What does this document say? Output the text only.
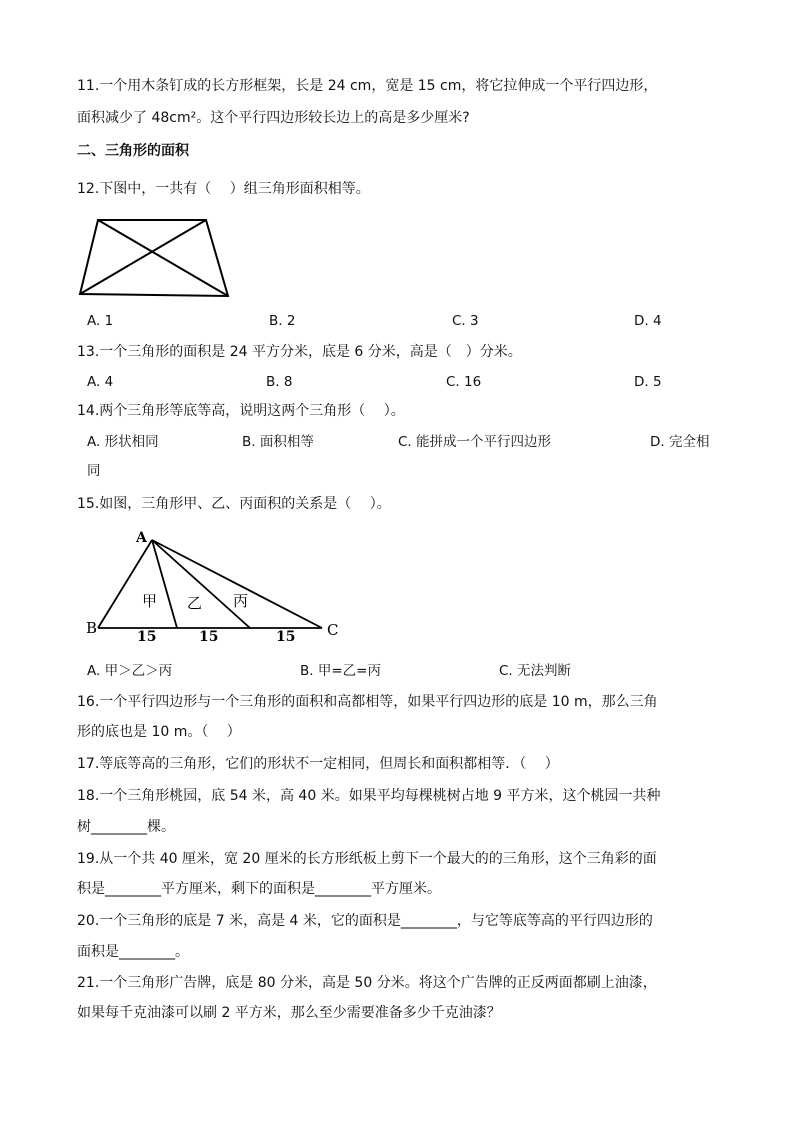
11.一个用木条钉成的长方形框架，长是 24 cm，宽是 15 cm，将它拉伸成一个平行四边形，
面积减少了 48cm²。这个平行四边形较长边上的高是多少厘米?
二、三角形的面积
12.下图中，一共有（　 ）组三角形面积相等。
A. 1	B. 2	C. 3	D. 4
13.一个三角形的面积是 24 平方分米，底是 6 分米，高是（　）分米。
A. 4	B. 8	C. 16	D. 5
14.两个三角形等底等高，说明这两个三角形（　 ）。
A. 形状相同	B. 面积相等	C. 能拼成一个平行四边形	D. 完全相
同
15.如图，三角形甲、乙、丙面积的关系是（　 ）。
A
B	C
甲 乙 丙
15	15	15
A. 甲＞乙＞丙	B. 甲=乙=丙	C. 无法判断
16.一个平行四边形与一个三角形的面积和高都相等，如果平行四边形的底是 10 m，那么三角
形的底也是 10 m。（　 ）
17.等底等高的三角形，它们的形状不一定相同，但周长和面积都相等．（　 ）
18.一个三角形桃园，底 54 米，高 40 米。如果平均每棵桃树占地 9 平方米，这个桃园一共种
树________棵。
19.从一个共 40 厘米，宽 20 厘米的长方形纸板上剪下一个最大的的三角形，这个三角彩的面
积是________平方厘米，剩下的面积是________平方厘米。
20.一个三角形的底是 7 米，高是 4 米，它的面积是________，与它等底等高的平行四边形的
面积是________。
21.一个三角形广告牌，底是 80 分米，高是 50 分米。将这个广告牌的正反两面都刷上油漆，
如果每千克油漆可以刷 2 平方米，那么至少需要准备多少千克油漆？
